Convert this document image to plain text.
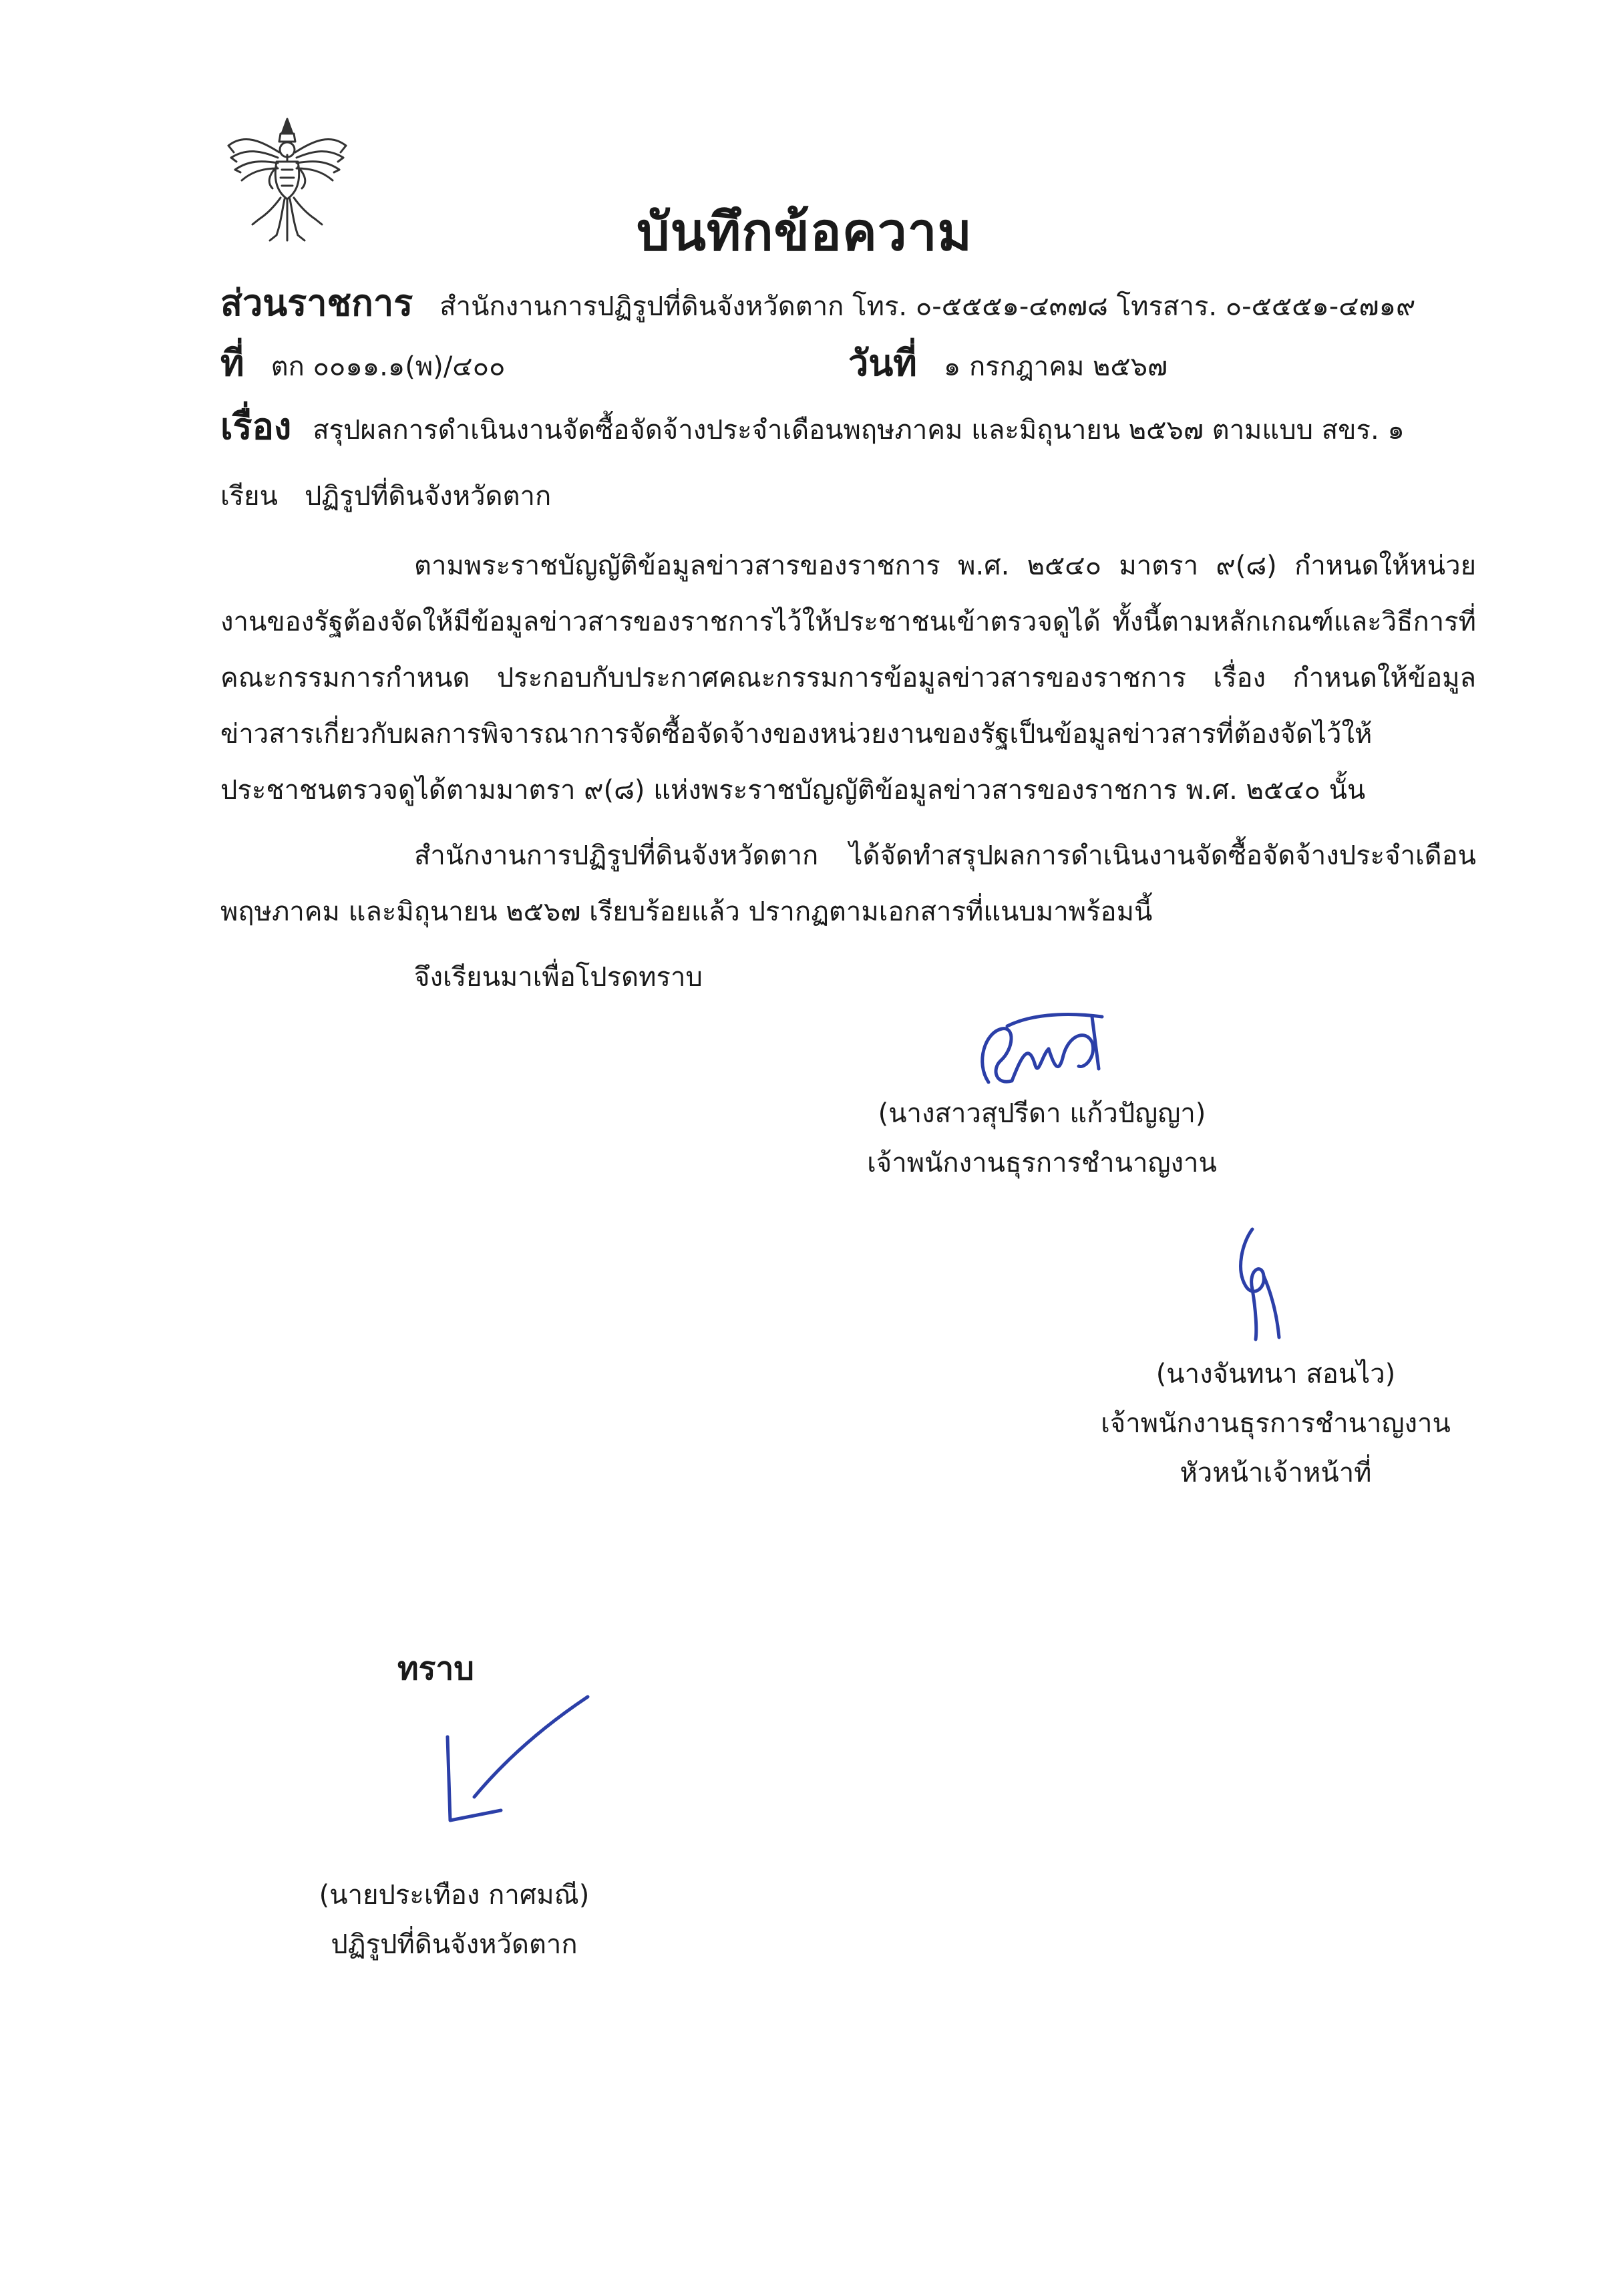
บันทึกข้อความ
ส่วนราชการ สำนักงานการปฏิรูปที่ดินจังหวัดตาก โทร. ๐-๕๕๕๑-๔๓๗๘ โทรสาร. ๐-๕๕๕๑-๔๗๑๙
ที่ ตก ๐๐๑๑.๑(พ)/๔๐๐	วันที่ ๑ กรกฎาคม ๒๕๖๗
เรื่อง สรุปผลการดำเนินงานจัดซื้อจัดจ้างประจำเดือนพฤษภาคม และมิถุนายน ๒๕๖๗ ตามแบบ สขร. ๑
เรียน ปฏิรูปที่ดินจังหวัดตาก

ตามพระราชบัญญัติข้อมูลข่าวสารของราชการ พ.ศ. ๒๕๔๐ มาตรา ๙(๘) กำหนดให้หน่วยงานของรัฐต้องจัดให้มีข้อมูลข่าวสารของราชการไว้ให้ประชาชนเข้าตรวจดูได้ ทั้งนี้ตามหลักเกณฑ์และวิธีการที่คณะกรรมการกำหนด ประกอบกับประกาศคณะกรรมการข้อมูลข่าวสารของราชการ เรื่อง กำหนดให้ข้อมูลข่าวสารเกี่ยวกับผลการพิจารณาการจัดซื้อจัดจ้างของหน่วยงานของรัฐเป็นข้อมูลข่าวสารที่ต้องจัดไว้ให้ประชาชนตรวจดูได้ตามมาตรา ๙(๘) แห่งพระราชบัญญัติข้อมูลข่าวสารของราชการ พ.ศ. ๒๕๔๐ นั้น

สำนักงานการปฏิรูปที่ดินจังหวัดตาก ได้จัดทำสรุปผลการดำเนินงานจัดซื้อจัดจ้างประจำเดือนพฤษภาคม และมิถุนายน ๒๕๖๗ เรียบร้อยแล้ว ปรากฏตามเอกสารที่แนบมาพร้อมนี้

จึงเรียนมาเพื่อโปรดทราบ

(นางสาวสุปรีดา แก้วปัญญา)
เจ้าพนักงานธุรการชำนาญงาน
(นางจันทนา สอนไว)
เจ้าพนักงานธุรการชำนาญงาน
หัวหน้าเจ้าหน้าที่
ทราบ
(นายประเทือง กาศมณี)
ปฏิรูปที่ดินจังหวัดตาก
